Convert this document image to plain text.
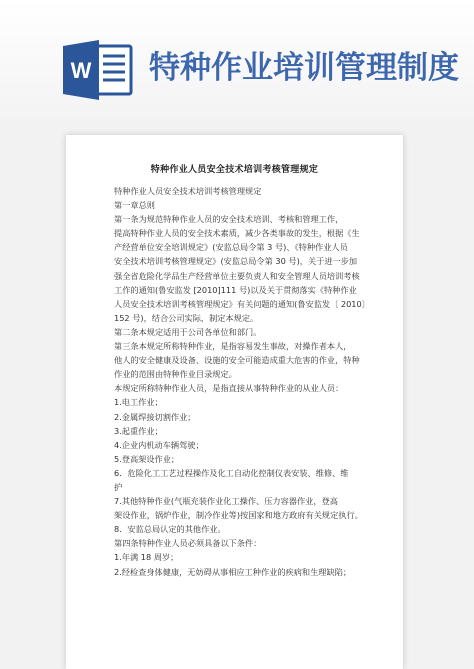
W 特种作业培训管理制度
特种作业人员安全技术培训考核管理规定
特种作业人员安全技术培训考核管理规定
第一章总则
第一条为规范特种作业人员的安全技术培训、考核和管理工作，
提高特种作业人员的安全技术素质，减少各类事故的发生，根据《生
产经营单位安全培训规定》(安监总局令第 3 号)、《特种作业人员
安全技术培训考核管理规定》(安监总局令第 30 号)，关于进一步加
强全省危险化学品生产经营单位主要负责人和安全管理人员培训考核
工作的通知(鲁安监发 [2010]111 号)以及关于贯彻落实《特种作业
人员安全技术培训考核管理规定》有关问题的通知(鲁安监发〔 2010〕
152 号)，结合公司实际，制定本规定。
第二条本规定适用于公司各单位和部门。
第三条本规定所称特种作业，是指容易发生事故，对操作者本人，
他人的安全健康及设备、设施的安全可能造成重大危害的作业，特种
作业的范围由特种作业目录规定。
本规定所称特种作业人员，是指直接从事特种作业的从业人员：
1.电工作业；
2.金属焊接切割作业；
3.起重作业；
4.企业内机动车辆驾驶；
5.登高架设作业；
6．危险化工工艺过程操作及化工自动化控制仪表安装、维修、维
护
7.其他特种作业(气瓶充装作业化工操作、压力容器作业，登高
架设作业，锅炉作业，制冷作业等)按国家和地方政府有关规定执行。
8．安监总局认定的其他作业。
第四条特种作业人员必须具备以下条件：
1.年满 18 周岁；
2.经检查身体健康，无妨碍从事相应工种作业的疾病和生理缺陷；
